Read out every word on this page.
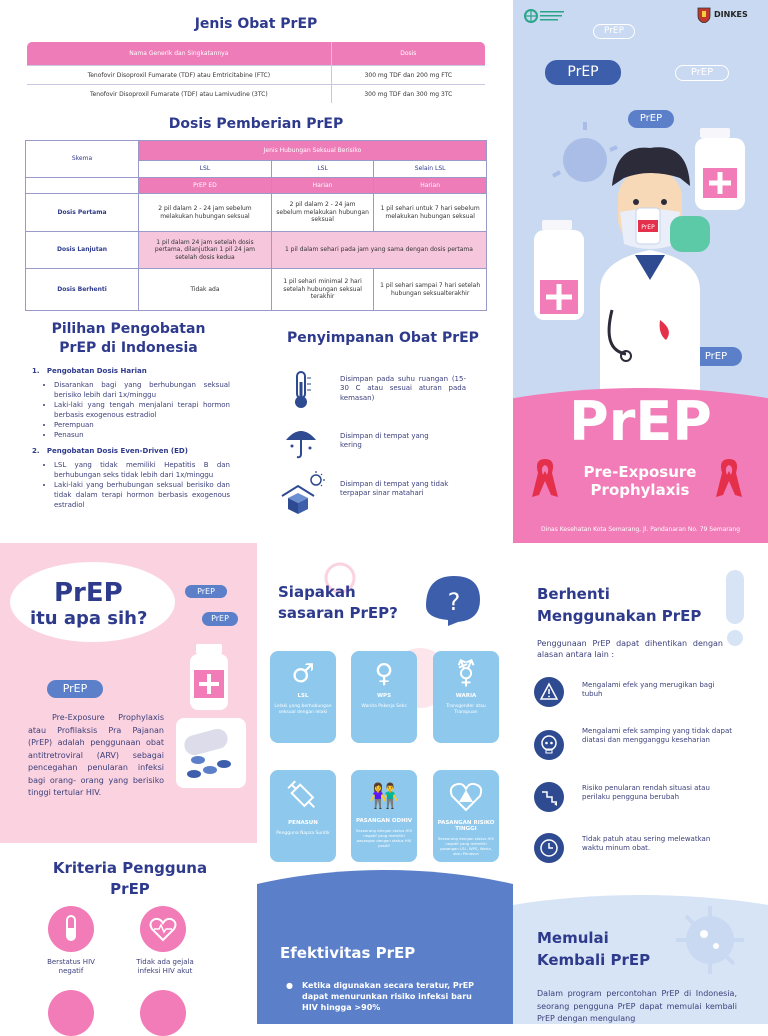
Jenis Obat PrEP
Nama Generik dan Singkatannya	Dosis
Tenofovir Disoproxil Fumarate (TDF) atau Emtricitabine (FTC)	300 mg TDF dan 200 mg FTC
Tenofovir Disoproxil Fumarate (TDF) atau Lamivudine (3TC)	300 mg TDF dan 300 mg 3TC
Dosis Pemberian PrEP
Skema	Jenis Hubungan Seksual Berisiko		
	LSL	LSL	Selain LSL
	PrEP ED	Harian	Harian
Dosis Pertama	2 pil dalam 2 - 24 jam sebelum melakukan hubungan seksual	2 pil dalam 2 - 24 jam sebelum melakukan hubungan seksual	1 pil sehari untuk 7 hari sebelum melakukan hubungan seksual
Dosis Lanjutan	1 pil dalam 24 jam setelah dosis pertama, dilanjutkan 1 pil 24 jam setelah dosis kedua	1 pil dalam sehari pada jam yang sama dengan dosis pertama	
Dosis Berhenti	Tidak ada	1 pil sehari minimal 2 hari setelah hubungan seksual terakhir	1 pil sehari sampai 7 hari setelah hubungan seksualterakhir
Pilihan Pengobatan
PrEP di Indonesia
1.   Pengobatan Dosis Harian
• Disarankan bagi yang berhubungan seksual berisiko lebih dari 1x/minggu
• Laki-laki yang tengah menjalani terapi hormon berbasis exogenous estradiol
• Perempuan
• Penasun
2.   Pengobatan Dosis Even-Driven (ED)
• LSL yang tidak memiliki Hepatitis B dan berhubungan seks tidak lebih dari 1x/minggu
• Laki-laki yang berhubungan seksual berisiko dan tidak dalam terapi hormon berbasis exogenous estradiol
Penyimpanan Obat PrEP
Disimpan pada suhu ruangan (15-30 C atau sesuai aturan pada kemasan)
Disimpan di tempat yang kering
Disimpan di tempat yang tidak terpapar sinar matahari
DINKES
PrEP
PrEP	PrEP
PrEP
PrEP
PrEP
PrEP
Pre-Exposure
Prophylaxis
Dinas Kesehatan Kota Semarang, Jl. Pandanaran No. 79 Semarang
PrEP
itu apa sih?
PrEP
PrEP
PrEP
Pre-Exposure Prophylaxis atau Profilaksis Pra Pajanan (PrEP) adalah penggunaan obat antitretroviral (ARV) sebagai pencegahan penularan infeksi bagi orang- orang yang berisiko tinggi tertular HIV.
Kriteria Pengguna
PrEP
Berstatus HIV negatif
Tidak ada gejala infeksi HIV akut
Siapakah
sasaran PrEP? ?
♂
LSL
Lelaki yang berhubungan seksual dengan lelaki
♀
WPS
Wanita Pekerja Seks
⚧
WARIA
Transgender atau Transpuan
PENASUN
Pengguna Napza Suntik
👫
PASANGAN ODHIV
Seseorang dengan status HIV negatif yang memiliki pasangan dengan status HIV positif
PASANGAN RISIKO TINGGI
Seseorang dengan status HIV negatif yang memiliki pasangan LSL, WPS, Waria, atau Penasun
Efektivitas PrEP
● Ketika digunakan secara teratur, PrEP dapat menurunkan risiko infeksi baru HIV hingga >90%
Berhenti
Menggunakan PrEP
Penggunaan PrEP dapat dihentikan dengan alasan antara lain :
Mengalami efek yang merugikan bagi tubuh
Mengalami efek samping yang tidak dapat diatasi dan mengganggu keseharian
Risiko penularan rendah situasi atau perilaku pengguna berubah
Tidak patuh atau sering melewatkan waktu minum obat.
Memulai
Kembali PrEP
Dalam program percontohan PrEP di Indonesia, seorang pengguna PrEP dapat memulai kembali PrEP dengan mengulang
